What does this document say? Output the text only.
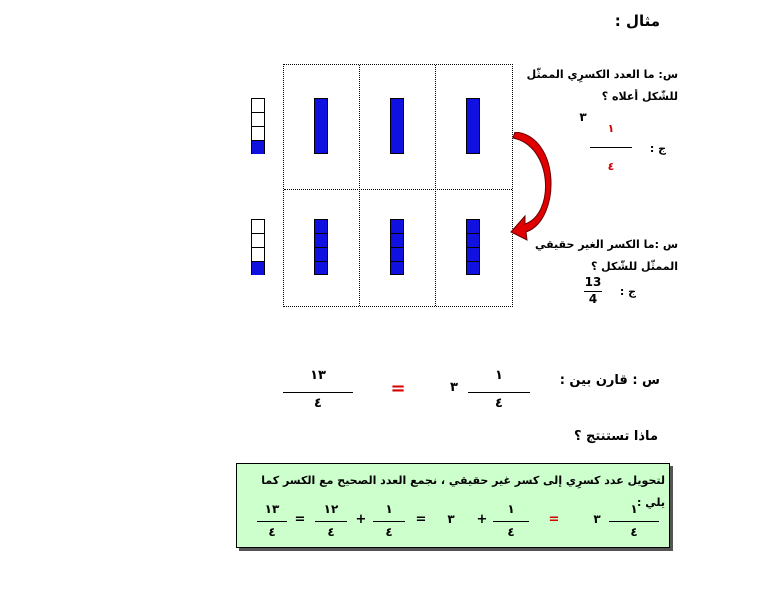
مثال :
س: ما العدد الكسرِي الممثّل للشّكل أعلاه ؟
ج :
٣
١
٤
س :ما الكسر الغير حقيقي الممثّل للشّكل ؟
ج :
13
4
س : قارن بين :
١٣
٤
=	٣
١
٤
ماذا تستنتج ؟
لتحويل عدد كسرِي إلى كسر غير حقيقي ، نجمع العدد الصحيح مع الكسر كما يلي :
١
٤
٣
=
١
٤
+
٣
=
١
٤
+
١٢
٤
=
١٣
٤
